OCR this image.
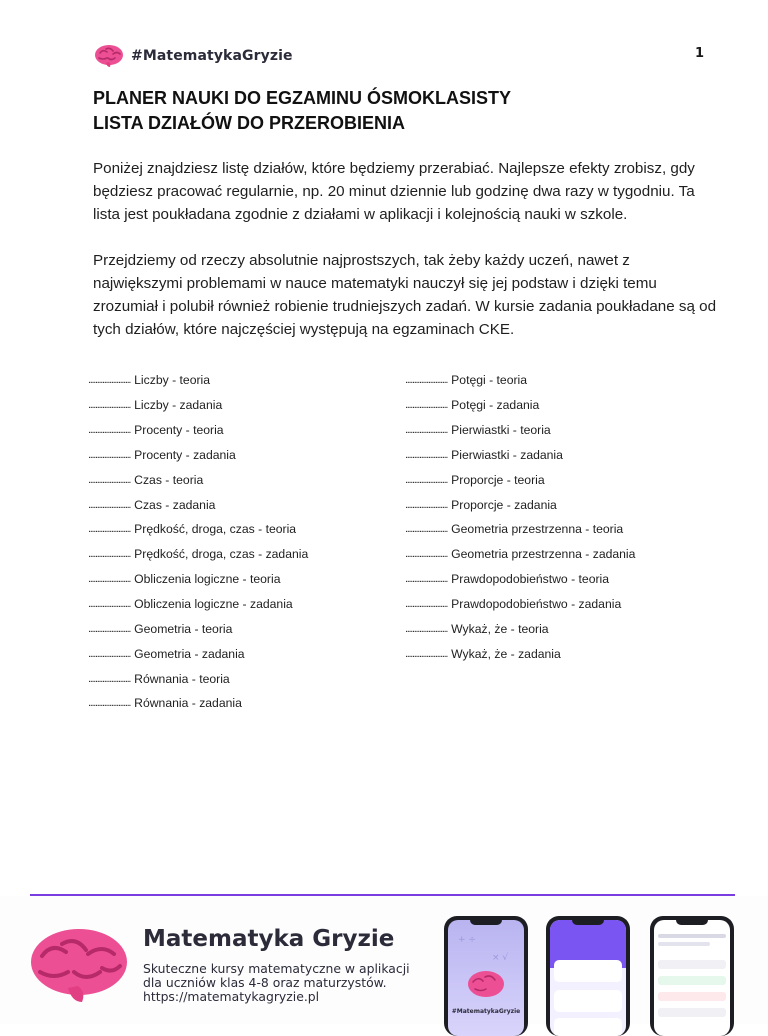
#MatematykaGryzie	1
PLANER NAUKI DO EGZAMINU ÓSMOKLASISTY
LISTA DZIAŁÓW DO PRZEROBIENIA

Poniżej znajdziesz listę działów, które będziemy przerabiać. Najlepsze efekty zrobisz, gdy będziesz pracować regularnie, np. 20 minut dziennie lub godzinę dwa razy w tygodniu. Ta lista jest poukładana zgodnie z działami w aplikacji i kolejnością nauki w szkole.

Przejdziemy od rzeczy absolutnie najprostszych, tak żeby każdy uczeń, nawet z największymi problemami w nauce matematyki nauczył się jej podstaw i dzięki temu zrozumiał i polubił również robienie trudniejszych zadań. W kursie zadania poukładane są od tych działów, które najczęściej występują na egzaminach CKE.

........................ Liczby - teoria
........................ Liczby - zadania
........................ Procenty - teoria
........................ Procenty - zadania
........................ Czas - teoria
........................ Czas - zadania
........................ Prędkość, droga, czas - teoria
........................ Prędkość, droga, czas - zadania
........................ Obliczenia logiczne - teoria
........................ Obliczenia logiczne - zadania
........................ Geometria - teoria
........................ Geometria - zadania
........................ Równania - teoria
........................ Równania - zadania
........................ Potęgi - teoria
........................ Potęgi - zadania
........................ Pierwiastki - teoria
........................ Pierwiastki - zadania
........................ Proporcje - teoria
........................ Proporcje - zadania
........................ Geometria przestrzenna - teoria
........................ Geometria przestrzenna - zadania
........................ Prawdopodobieństwo - teoria
........................ Prawdopodobieństwo - zadania
........................ Wykaż, że - teoria
........................ Wykaż, że - zadania
Matematyka Gryzie
Skuteczne kursy matematyczne w aplikacji
dla uczniów klas 4-8 oraz maturzystów.
https://matematykagryzie.pl
+ ÷
× √
#MatematykaGryzie
